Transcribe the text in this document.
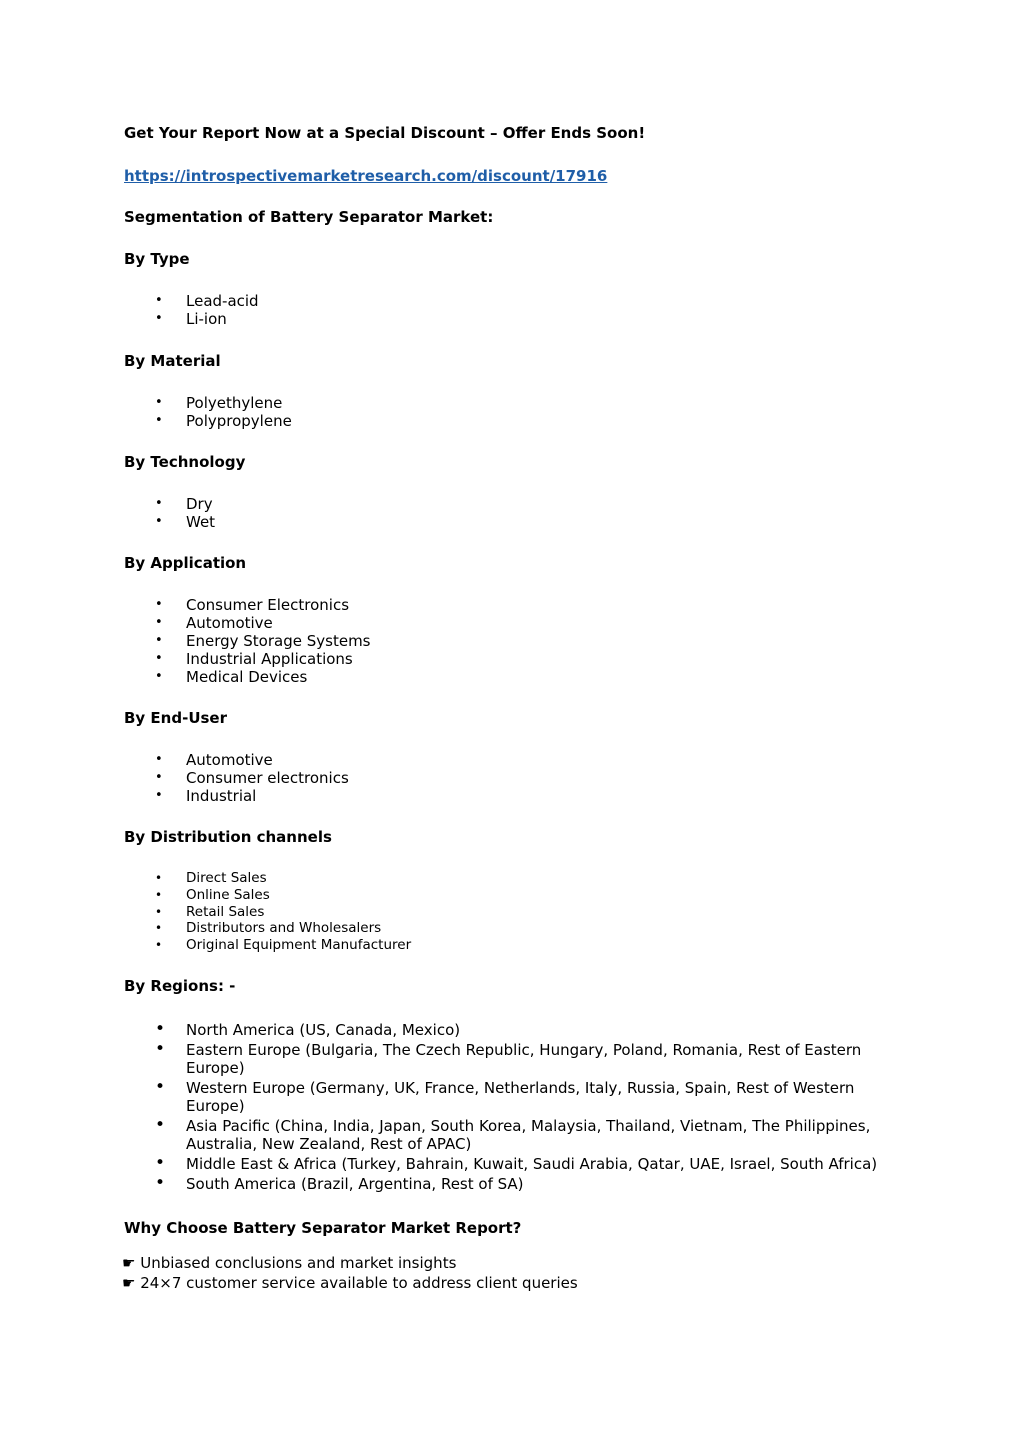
Get Your Report Now at a Special Discount – Offer Ends Soon!

https://introspectivemarketresearch.com/discount/17916

Segmentation of Battery Separator Market:

By Type

• Lead-acid
• Li-ion

By Material

• Polyethylene
• Polypropylene

By Technology

• Dry
• Wet

By Application

• Consumer Electronics
• Automotive
• Energy Storage Systems
• Industrial Applications
• Medical Devices

By End-User

• Automotive
• Consumer electronics
• Industrial

By Distribution channels

• Direct Sales
• Online Sales
• Retail Sales
• Distributors and Wholesalers
• Original Equipment Manufacturer

By Regions: -

• North America (US, Canada, Mexico)
• Eastern Europe (Bulgaria, The Czech Republic, Hungary, Poland, Romania, Rest of Eastern Europe)
• Western Europe (Germany, UK, France, Netherlands, Italy, Russia, Spain, Rest of Western Europe)
• Asia Pacific (China, India, Japan, South Korea, Malaysia, Thailand, Vietnam, The Philippines, Australia, New Zealand, Rest of APAC)
• Middle East & Africa (Turkey, Bahrain, Kuwait, Saudi Arabia, Qatar, UAE, Israel, South Africa)
• South America (Brazil, Argentina, Rest of SA)

Why Choose Battery Separator Market Report?

☛ Unbiased conclusions and market insights
☛ 24×7 customer service available to address client queries
